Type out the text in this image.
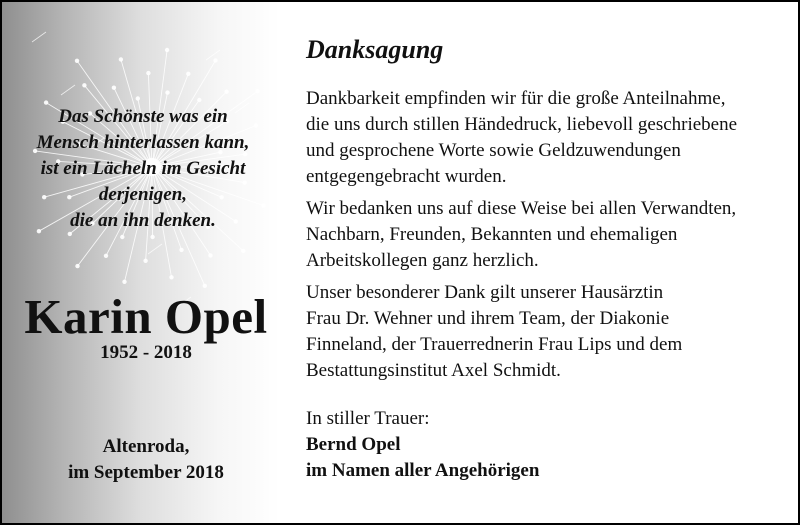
Das Schönste was ein
Mensch hinterlassen kann,
ist ein Lächeln im Gesicht
derjenigen,
die an ihn denken.

Karin Opel
1952 - 2018
Altenroda,
im September 2018
Danksagung

Dankbarkeit empfinden wir für die große Anteilnahme,
die uns durch stillen Händedruck, liebevoll geschriebene
und gesprochene Worte sowie Geldzuwendungen
entgegengebracht wurden.

Wir bedanken uns auf diese Weise bei allen Verwandten,
Nachbarn, Freunden, Bekannten und ehemaligen
Arbeitskollegen ganz herzlich.

Unser besonderer Dank gilt unserer Hausärztin
Frau Dr. Wehner und ihrem Team, der Diakonie
Finneland, der Trauerrednerin Frau Lips und dem
Bestattungsinstitut Axel Schmidt.

In stiller Trauer:
Bernd Opel
im Namen aller Angehörigen
